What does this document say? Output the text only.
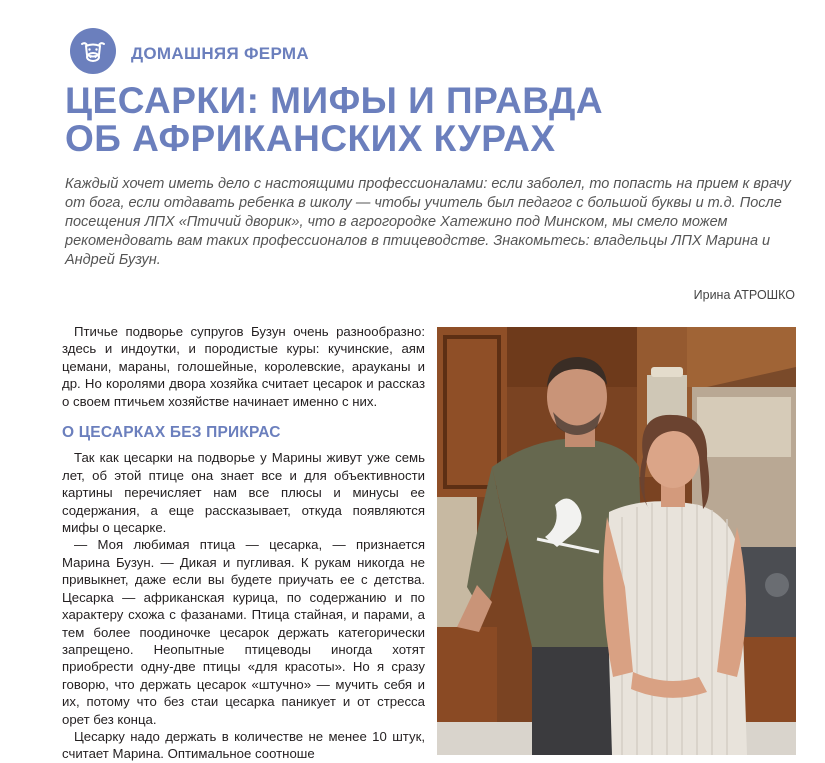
ДОМАШНЯЯ ФЕРМА
ЦЕСАРКИ: МИФЫ И ПРАВДА
ОБ АФРИКАНСКИХ КУРАХ
Каждый хочет иметь дело с настоящими профессионалами: если заболел, то попасть на прием к врачу от бога, если отдавать ребенка в школу — чтобы учитель был педагог с большой буквы и т.д. После посещения ЛПХ «Птичий дворик», что в агрогородке Хатежино под Минском, мы смело можем рекомендовать вам таких профессионалов в птицеводстве. Знакомьтесь: владельцы ЛПХ Марина и Андрей Бузун.
Ирина АТРОШКО

Птичье подворье супругов Бузун очень разнообразно: здесь и индоутки, и породистые куры: кучинские, аям цемани, мараны, голошейные, королевские, арауканы и др. Но королями двора хозяйка считает цесарок и рассказ о своем птичьем хозяйстве начинает именно с них.

О ЦЕСАРКАХ БЕЗ ПРИКРАС

Так как цесарки на подворье у Марины живут уже семь лет, об этой птице она знает все и для объективности картины перечисляет нам все плюсы и минусы ее содержания, а еще рассказывает, откуда появляются мифы о цесарке.

— Моя любимая птица — цесарка, — признается Марина Бузун. — Дикая и пугливая. К рукам никогда не привыкнет, даже если вы будете приучать ее с детства. Цесарка — африканская курица, по содержанию и по характеру схожа с фазанами. Птица стайная, и парами, а тем более поодиночке цесарок держать категорически запрещено. Неопытные птицеводы иногда хотят приобрести одну-две птицы «для красоты». Но я сразу говорю, что держать цесарок «штучно» — мучить себя и их, потому что без стаи цесарка паникует и от стресса орет без конца.

Цесарку надо держать в количестве не менее 10 штук, считает Марина. Оптимальное соотноше
